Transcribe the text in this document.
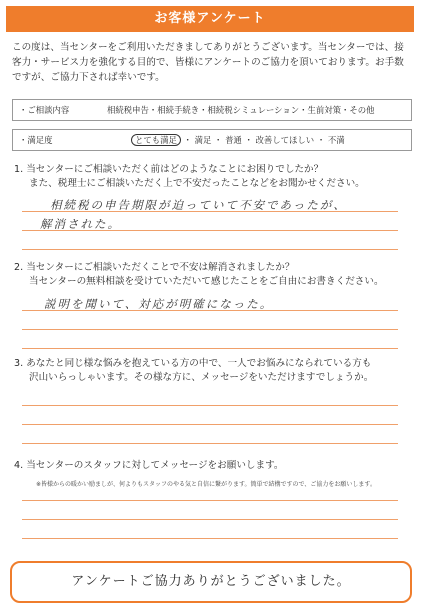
お客様アンケート
この度は、当センターをご利用いただきましてありがとうございます。当センターでは、接客力・サービス力を強化する目的で、皆様にアンケートのご協力を頂いております。お手数ですが、ご協力下されば幸いです。
・ご相談内容	相続税申告・相続手続き・相続税シミュレーション・生前対策・その他
・満足度	とても満足 ・ 満足 ・ 普通 ・ 改善してほしい ・ 不満
1. 当センターにご相談いただく前はどのようなことにお困りでしたか？
また、税理士にご相談いただく上で不安だったことなどをお聞かせください。
相続税の申告期限が迫っていて不安であったが、
解消された。
2. 当センターにご相談いただくことで不安は解消されましたか？
当センターの無料相談を受けていただいて感じたことをご自由にお書きください。
説明を聞いて、対応が明確になった。
3. あなたと同じ様な悩みを抱えている方の中で、一人でお悩みになられている方も
沢山いらっしゃいます。その様な方に、メッセージをいただけますでしょうか。
4. 当センターのスタッフに対してメッセージをお願いします。
※皆様からの暖かい励ましが、何よりもスタッフのやる気と自信に繋がります。簡単で結構ですので、ご協力をお願いします。
アンケートご協力ありがとうございました。
